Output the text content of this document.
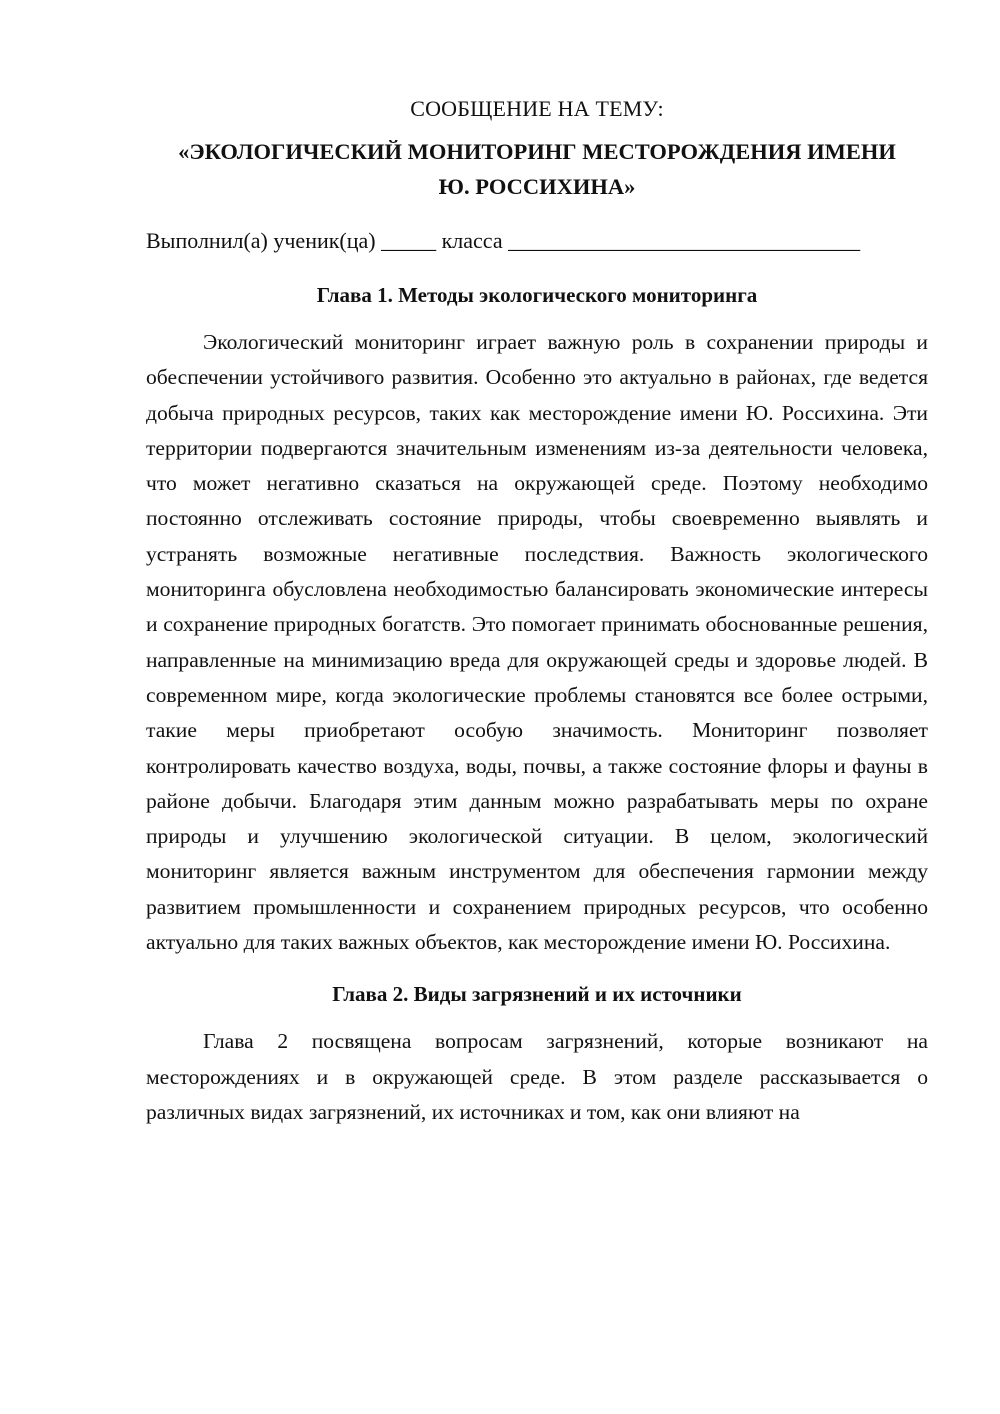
СООБЩЕНИЕ НА ТЕМУ:

«ЭКОЛОГИЧЕСКИЙ МОНИТОРИНГ МЕСТОРОЖДЕНИЯ ИМЕНИ
Ю. РОССИХИНА»

Выполнил(а) ученик(ца) _____ класса ________________________________

Глава 1. Методы экологического мониторинга

Экологический мониторинг играет важную роль в сохранении природы и обеспечении устойчивого развития. Особенно это актуально в районах, где ведется добыча природных ресурсов, таких как месторождение имени Ю. Россихина. Эти территории подвергаются значительным изменениям из-за деятельности человека, что может негативно сказаться на окружающей среде. Поэтому необходимо постоянно отслеживать состояние природы, чтобы своевременно выявлять и устранять возможные негативные последствия. Важность экологического мониторинга обусловлена необходимостью балансировать экономические интересы и сохранение природных богатств. Это помогает принимать обоснованные решения, направленные на минимизацию вреда для окружающей среды и здоровье людей. В современном мире, когда экологические проблемы становятся все более острыми, такие меры приобретают особую значимость. Мониторинг позволяет контролировать качество воздуха, воды, почвы, а также состояние флоры и фауны в районе добычи. Благодаря этим данным можно разрабатывать меры по охране природы и улучшению экологической ситуации. В целом, экологический мониторинг является важным инструментом для обеспечения гармонии между развитием промышленности и сохранением природных ресурсов, что особенно актуально для таких важных объектов, как месторождение имени Ю. Россихина.

Глава 2. Виды загрязнений и их источники

Глава 2 посвящена вопросам загрязнений, которые возникают на месторождениях и в окружающей среде. В этом разделе рассказывается о различных видах загрязнений, их источниках и том, как они влияют на
